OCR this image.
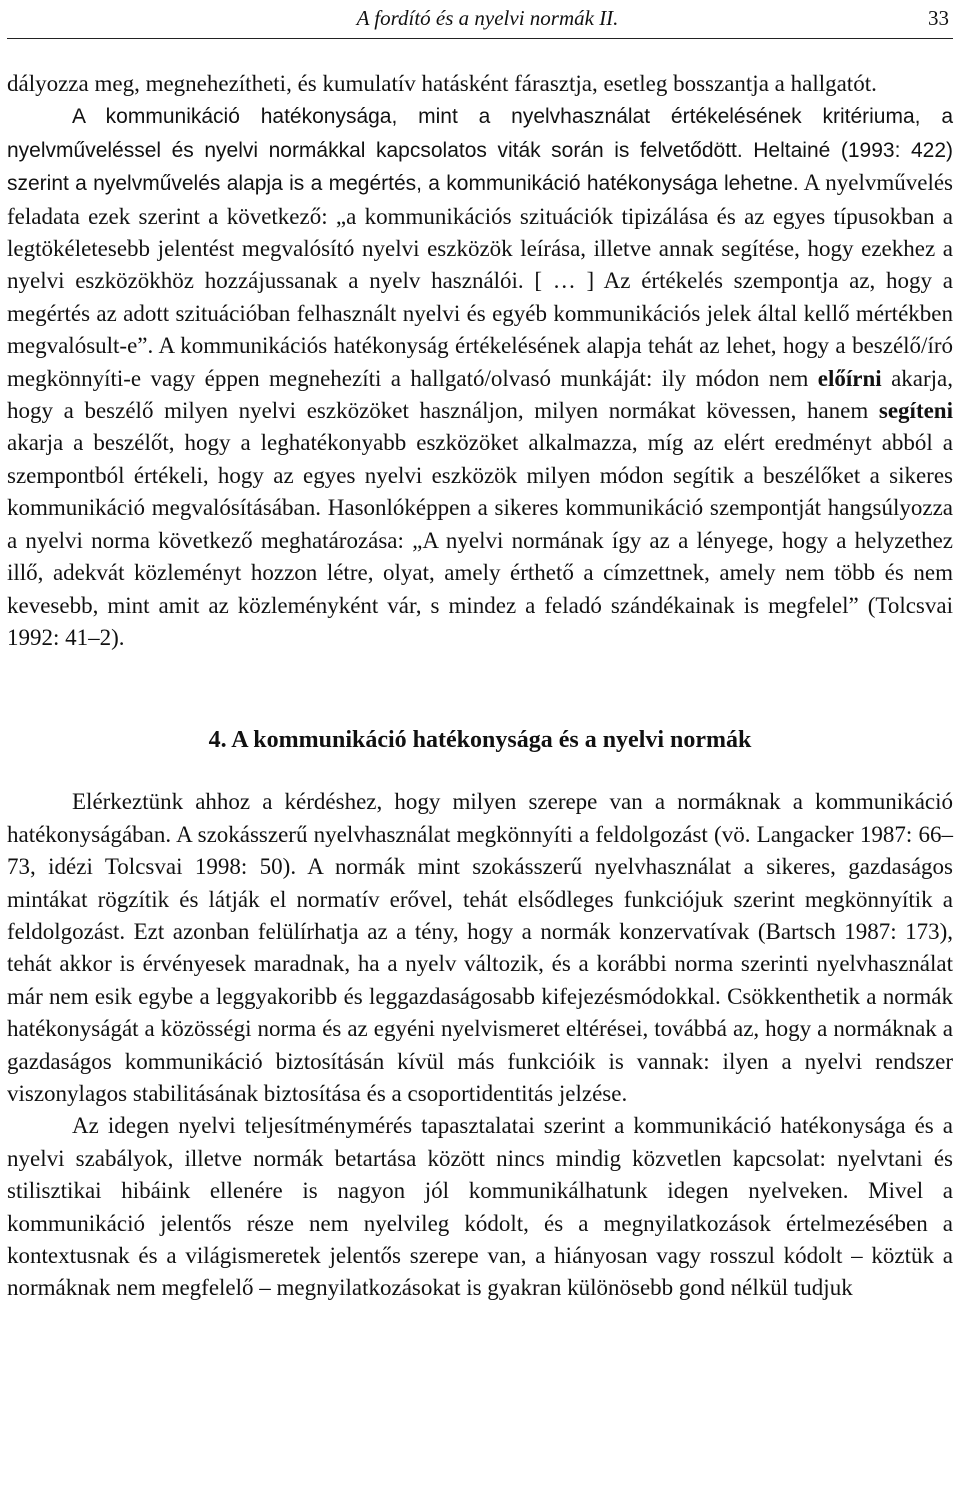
A fordító és a nyelvi normák II.	33

dályozza meg, megnehezítheti, és kumulatív hatásként fárasztja, esetleg bosszantja a hallgatót.

A kommunikáció hatékonysága, mint a nyelvhasználat értékelésének kritériuma, a nyelvműveléssel és nyelvi normákkal kapcsolatos viták során is felvetődött. Heltainé (1993: 422) szerint a nyelvművelés alapja is a megértés, a kommunikáció hatékonysága lehetne. A nyelvművelés feladata ezek szerint a következő: „a kommunikációs szituációk tipizálása és az egyes típusokban a legtökéletesebb jelentést megvalósító nyelvi eszközök leírása, illetve annak segítése, hogy ezekhez a nyelvi eszközökhöz hozzájussanak a nyelv használói. [ … ] Az értékelés szempontja az, hogy a megértés az adott szituációban felhasznált nyelvi és egyéb kommunikációs jelek által kellő mértékben megvalósult-e”. A kommunikációs hatékonyság értékelésének alapja tehát az lehet, hogy a beszélő/író megkönnyíti-e vagy éppen megnehezíti a hallgató/olvasó munkáját: ily módon nem előírni akarja, hogy a beszélő milyen nyelvi eszközöket használjon, milyen normákat kövessen, hanem segíteni akarja a beszélőt, hogy a leghatékonyabb eszközöket alkalmazza, míg az elért eredményt abból a szempontból értékeli, hogy az egyes nyelvi eszközök milyen módon segítik a beszélőket a sikeres kommunikáció megvalósításában. Hasonlóképpen a sikeres kommunikáció szempontját hangsúlyozza a nyelvi norma következő meghatározása: „A nyelvi normának így az a lényege, hogy a helyzethez illő, adekvát közleményt hozzon létre, olyat, amely érthető a címzettnek, amely nem több és nem kevesebb, mint amit az közleményként vár, s mindez a feladó szándékainak is megfelel” (Tolcsvai 1992: 41–2).

4. A kommunikáció hatékonysága és a nyelvi normák

Elérkeztünk ahhoz a kérdéshez, hogy milyen szerepe van a normáknak a kommunikáció hatékonyságában. A szokásszerű nyelvhasználat megkönnyíti a feldolgozást (vö. Langacker 1987: 66–73, idézi Tolcsvai 1998: 50). A normák mint szokásszerű nyelvhasználat a sikeres, gazdaságos mintákat rögzítik és látják el normatív erővel, tehát elsődleges funkciójuk szerint megkönnyítik a feldolgozást. Ezt azonban felülírhatja az a tény, hogy a normák konzervatívak (Bartsch 1987: 173), tehát akkor is érvényesek maradnak, ha a nyelv változik, és a korábbi norma szerinti nyelvhasználat már nem esik egybe a leggyakoribb és leggazdaságosabb kifejezésmódokkal. Csökkenthetik a normák hatékonyságát a közösségi norma és az egyéni nyelvismeret eltérései, továbbá az, hogy a normáknak a gazdaságos kommunikáció biztosításán kívül más funkcióik is vannak: ilyen a nyelvi rendszer viszonylagos stabilitásának biztosítása és a csoportidentitás jelzése.

Az idegen nyelvi teljesítménymérés tapasztalatai szerint a kommunikáció hatékonysága és a nyelvi szabályok, illetve normák betartása között nincs mindig közvetlen kapcsolat: nyelvtani és stilisztikai hibáink ellenére is nagyon jól kommunikálhatunk idegen nyelveken. Mivel a kommunikáció jelentős része nem nyelvileg kódolt, és a megnyilatkozások értelmezésében a kontextusnak és a világismeretek jelentős szerepe van, a hiányosan vagy rosszul kódolt – köztük a normáknak nem megfelelő – megnyilatkozásokat is gyakran különösebb gond nélkül tudjuk
